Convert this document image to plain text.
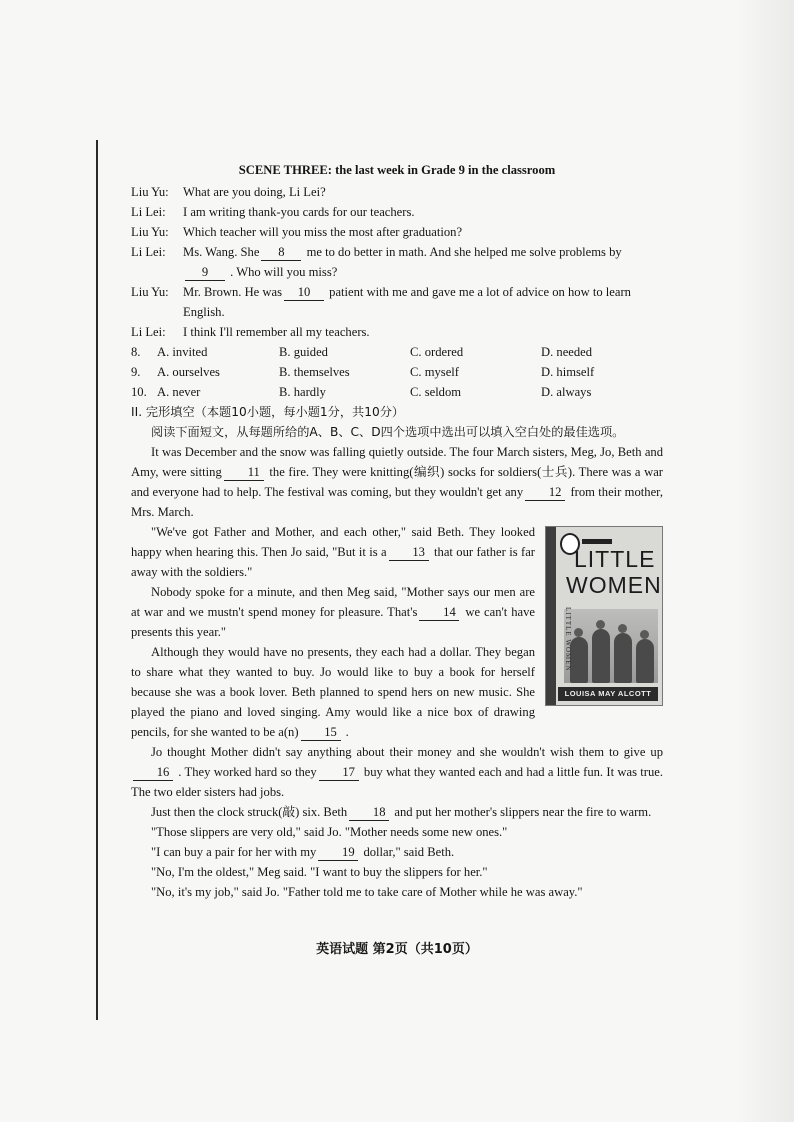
SCENE THREE: the last week in Grade 9 in the classroom
Liu Yu:	What are you doing, Li Lei?
Li Lei:	I am writing thank-you cards for our teachers.
Liu Yu:	Which teacher will you miss the most after graduation?
Li Lei:	Ms. Wang. She 8 me to do better in math. And she helped me solve problems by9 . Who will you miss?
Liu Yu:	Mr. Brown. He was 10 patient with me and gave me a lot of advice on how to learn English.
Li Lei:	I think I'll remember all my teachers.
8.	A. invited	B. guided	C. ordered	D. needed
9.	A. ourselves	B. themselves	C. myself	D. himself
10. A. never	B. hardly	C. seldom	D. always
II. 完形填空（本题10小题，每小题1分，共10分）
阅读下面短文，从每题所给的A、B、C、D四个选项中选出可以填入空白处的最佳选项。
It was December and the snow was falling quietly outside. The four March sisters, Meg, Jo, Beth and Amy, were sitting 11 the fire. They were knitting(编织) socks for soldiers(士兵). There was a war and everyone had to help. The festival was coming, but they wouldn't get any 12 from their mother, Mrs. March.
LITTLE
WOMEN
LITTLE WOMEN
LOUISA MAY ALCOTT
"We've got Father and Mother, and each other," said Beth. They looked happy when hearing this. Then Jo said, "But it is a 13 that our father is far away with the soldiers."
Nobody spoke for a minute, and then Meg said, "Mother says our men are at war and we mustn't spend money for pleasure. That's 14 we can't have presents this year."
Although they would have no presents, they each had a dollar. They began to share what they wanted to buy. Jo would like to buy a book for herself because she was a book lover. Beth planned to spend hers on new music. She played the piano and loved singing. Amy would like a nice box of drawing pencils, for she wanted to be a(n) 15 .
Jo thought Mother didn't say anything about their money and she wouldn't wish them to give up16 . They worked hard so they 17 buy what they wanted each and had a little fun. It was true. The two elder sisters had jobs.
Just then the clock struck(敲) six. Beth 18 and put her mother's slippers near the fire to warm.
"Those slippers are very old," said Jo. "Mother needs some new ones."
"I can buy a pair for her with my 19 dollar," said Beth.
"No, I'm the oldest," Meg said. "I want to buy the slippers for her."
"No, it's my job," said Jo. "Father told me to take care of Mother while he was away."
英语试题 第2页（共10页）
